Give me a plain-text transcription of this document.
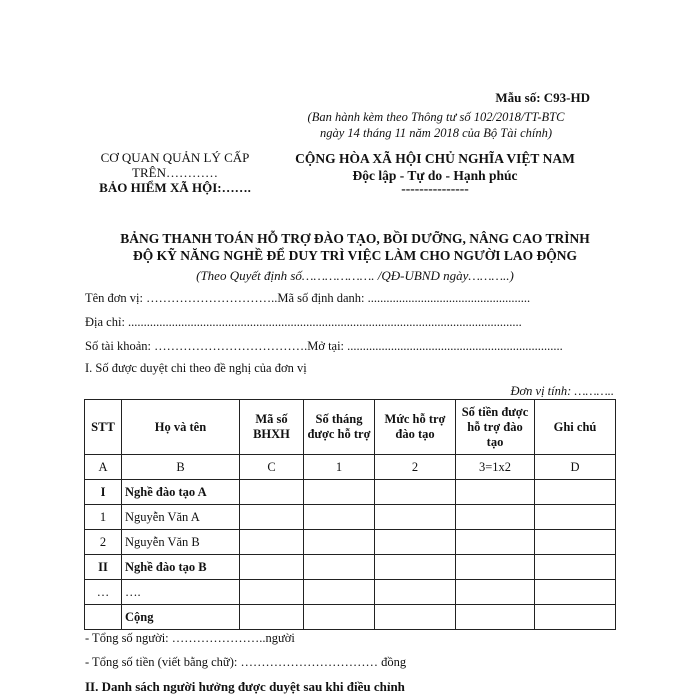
Mẫu số: C93-HD
(Ban hành kèm theo Thông tư số 102/2018/TT-BTC
ngày 14 tháng 11 năm 2018 của Bộ Tài chính)
CƠ QUAN QUẢN LÝ CẤP
TRÊN…………
BẢO HIỂM XÃ HỘI:…….
CỘNG HÒA XÃ HỘI CHỦ NGHĨA VIỆT NAM
Độc lập - Tự do - Hạnh phúc
---------------
BẢNG THANH TOÁN HỖ TRỢ ĐÀO TẠO, BỒI DƯỠNG, NÂNG CAO TRÌNH
ĐỘ KỸ NĂNG NGHỀ ĐỂ DUY TRÌ VIỆC LÀM CHO NGƯỜI LAO ĐỘNG
(Theo Quyết định số………………. /QĐ-UBND ngày………..)
Tên đơn vị: …………………………..Mã số định danh: ....................................................
Địa chỉ: ..............................................................................................................................
Số tài khoản: ……………………………….Mở tại: .....................................................................
I. Số được duyệt chi theo đề nghị của đơn vị
Đơn vị tính: ………..
STT	Họ và tên	Mã số BHXH	Số tháng được hỗ trợ	Mức hỗ trợ đào tạo	Số tiền được hỗ trợ đào tạo	Ghi chú
A	B	C	1	2	3=1x2	D
I	Nghề đào tạo A					
1	Nguyễn Văn A					
2	Nguyễn Văn B					
II	Nghề đào tạo B					
…	….					
	Cộng					
- Tổng số người: …………………..người
- Tổng số tiền (viết bằng chữ): …………………………… đồng
II. Danh sách người hưởng được duyệt sau khi điều chỉnh
